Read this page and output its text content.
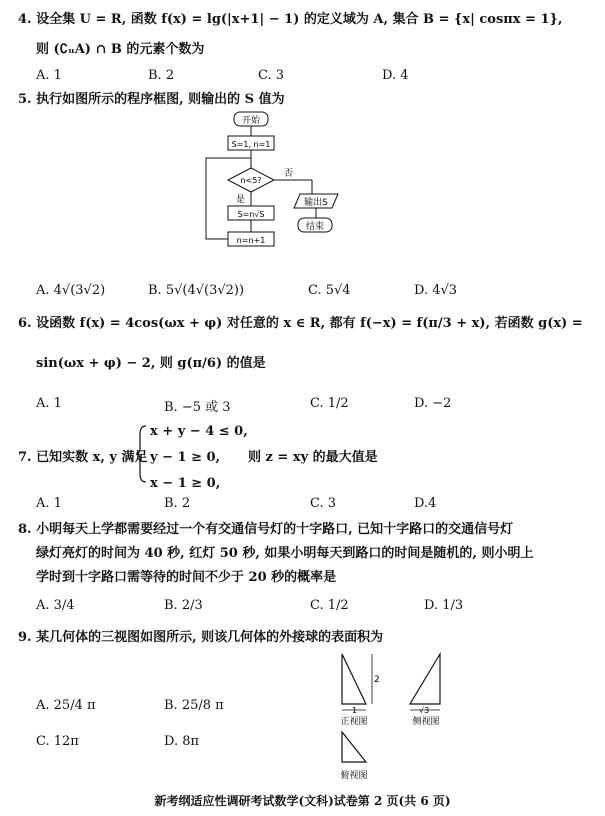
4. 设全集 U = R, 函数 f(x) = lg(|x+1| − 1) 的定义域为 A, 集合 B = {x| cosπx = 1},
则 (∁ᵤA) ∩ B 的元素个数为
A. 1	B. 2	C. 3	D. 4
5. 执行如图所示的程序框图, 则输出的 S 值为
开始
S=1, n=1
n<5?
否
是	输出S
结束
S=n√S
n=n+1
A. 4√(3√2)	B. 5√(4√(3√2))	C. 5√4	D. 4√3
6. 设函数 f(x) = 4cos(ωx + φ) 对任意的 x ∈ R, 都有 f(−x) = f(π/3 + x), 若函数 g(x) =
sin(ωx + φ) − 2, 则 g(π/6) 的值是
A. 1	B. −5 或 3	C. 1/2	D. −2
7. 已知实数 x, y 满足
x + y − 4 ≤ 0,
y − 1 ≥ 0,
x − 1 ≥ 0,
则 z = xy 的最大值是
A. 1	B. 2	C. 3	D.4
8. 小明每天上学都需要经过一个有交通信号灯的十字路口, 已知十字路口的交通信号灯
绿灯亮灯的时间为 40 秒, 红灯 50 秒, 如果小明每天到路口的时间是随机的, 则小明上
学时到十字路口需等待的时间不少于 20 秒的概率是
A. 3/4	B. 2/3	C. 1/2	D. 1/3
9. 某几何体的三视图如图所示, 则该几何体的外接球的表面积为
A. 25/4 π	B. 25/8 π
C. 12π	D. 8π
2
1	√3
正视图	侧视图
俯视图
新考纲适应性调研考试数学(文科)试卷第 2 页(共 6 页)
